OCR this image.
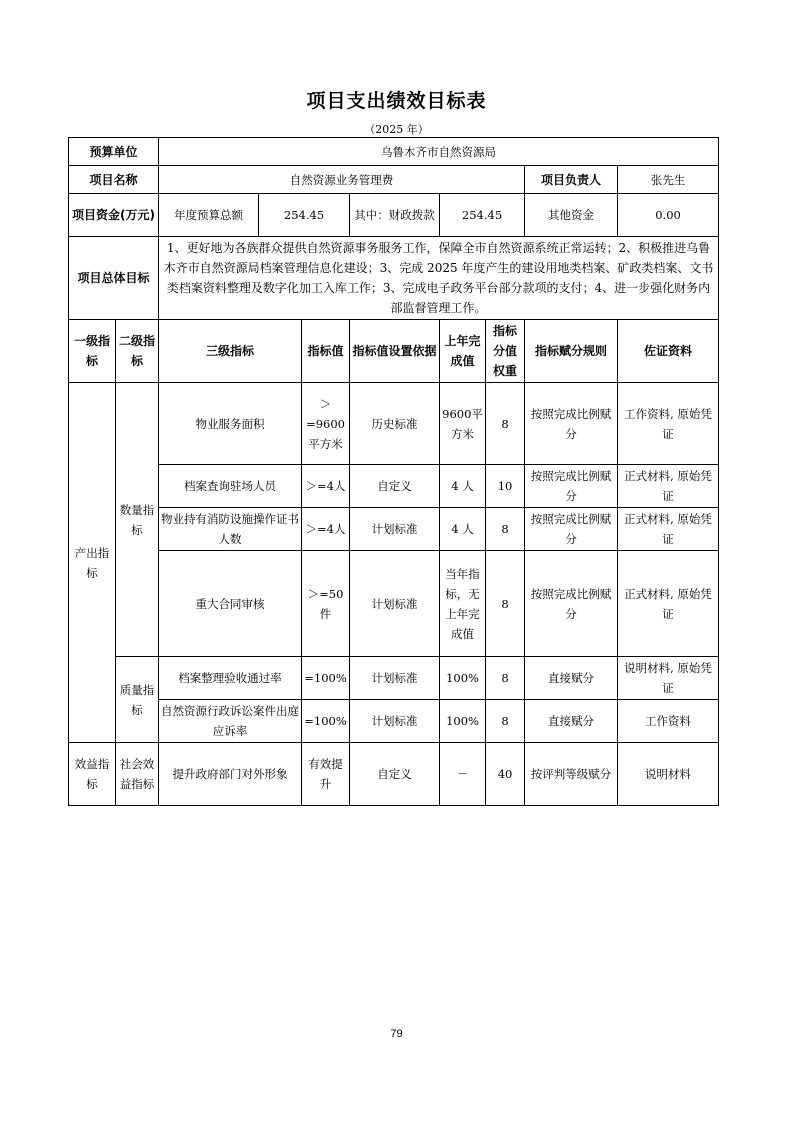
项目支出绩效目标表
（2025 年）
预算单位		乌鲁木齐市自然资源局						
项目名称		自然资源业务管理费					项目负责人	张先生
项目资金(万元)		年度预算总额 254.45		其中：财政拨款	254.45		其他资金	0.00
项目总体目标		1、更好地为各族群众提供自然资源事务服务工作，保障全市自然资源系统正常运转；2、积极推进乌鲁木齐市自然资源局档案管理信息化建设；3、完成 2025 年度产生的建设用地类档案、矿政类档案、文书类档案资料整理及数字化加工入库工作；3、完成电子政务平台部分款项的支付；4、进一步强化财务内部监督管理工作。						
一级指标	二级指标	三级指标	指标值	指标值设置依据	上年完成值	指标分值权重	指标赋分规则	佐证资料
产出指标	数量指标	物业服务面积	＞=9600平方米	历史标准	9600平方米	8	按照完成比例赋分	工作资料, 原始凭证
		档案查询驻场人员	＞=4人	自定义	4 人	10	按照完成比例赋分	正式材料, 原始凭证
		物业持有消防设施操作证书人数	＞=4人	计划标准	4 人	8	按照完成比例赋分	正式材料, 原始凭证
		重大合同审核	＞=50件	计划标准	当年指标，无上年完成值	8	按照完成比例赋分	正式材料, 原始凭证
	质量指标	档案整理验收通过率	=100%	计划标准	100%	8	直接赋分	说明材料, 原始凭证
		自然资源行政诉讼案件出庭应诉率	=100%	计划标准	100%	8	直接赋分	工作资料
效益指标	社会效益指标	提升政府部门对外形象	有效提升	自定义	－	40	按评判等级赋分	说明材料
79
